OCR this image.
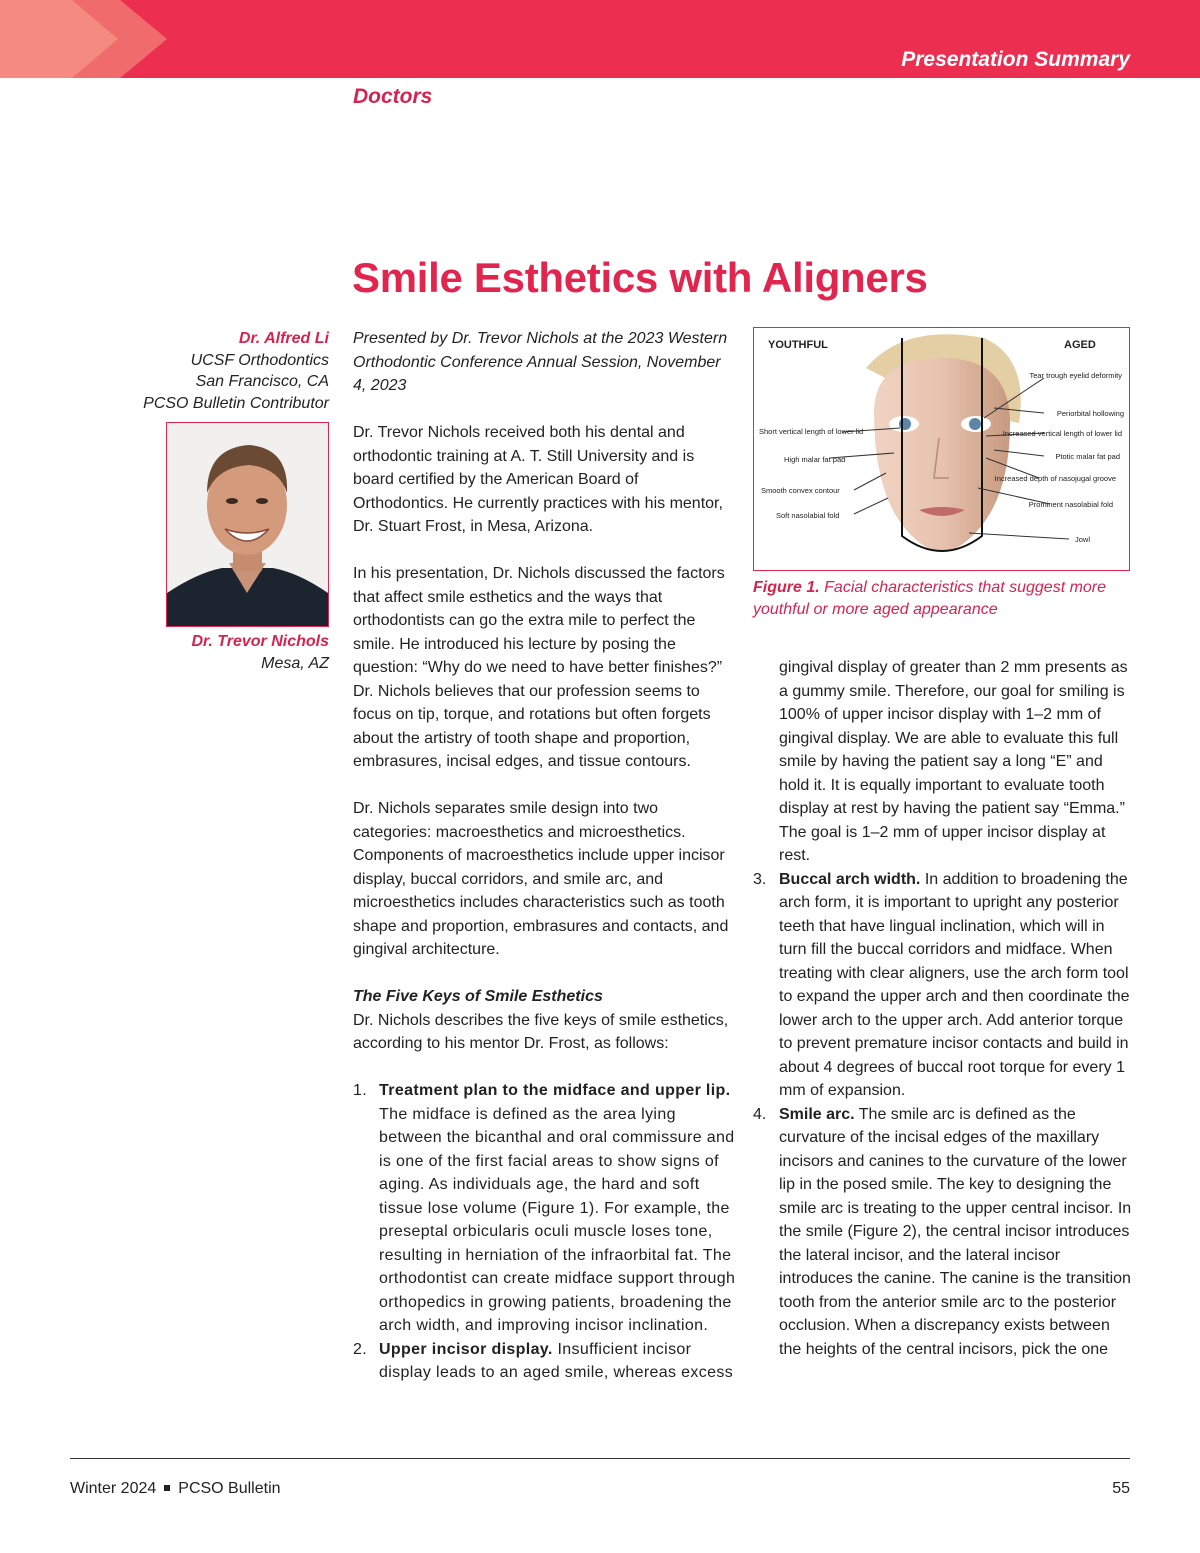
Presentation Summary
Doctors
Smile Esthetics with Aligners
Dr. Alfred Li
UCSF Orthodontics
San Francisco, CA
PCSO Bulletin Contributor
Dr. Trevor Nichols
Mesa, AZ

Presented by Dr. Trevor Nichols at the 2023 Western Orthodontic Conference Annual Session, November 4, 2023

Dr. Trevor Nichols received both his dental and orthodontic training at A. T. Still University and is board certified by the American Board of Orthodontics. He currently practices with his mentor, Dr. Stuart Frost, in Mesa, Arizona.

In his presentation, Dr. Nichols discussed the factors that affect smile esthetics and the ways that orthodontists can go the extra mile to perfect the smile. He introduced his lecture by posing the question: “Why do we need to have better finishes?” Dr. Nichols believes that our profession seems to focus on tip, torque, and rotations but often forgets about the artistry of tooth shape and proportion, embrasures, incisal edges, and tissue contours.

Dr. Nichols separates smile design into two categories: macroesthetics and microesthetics. Components of macroesthetics include upper incisor display, buccal corridors, and smile arc, and microesthetics includes characteristics such as tooth shape and proportion, embrasures and contacts, and gingival architecture.

The Five Keys of Smile Esthetics

Dr. Nichols describes the five keys of smile esthetics, according to his mentor Dr. Frost, as follows:

1. Treatment plan to the midface and upper lip. The midface is defined as the area lying between the bicanthal and oral commissure and is one of the first facial areas to show signs of aging. As individuals age, the hard and soft tissue lose volume (Figure 1). For example, the preseptal orbicularis oculi muscle loses tone, resulting in herniation of the infraorbital fat. The orthodontist can create midface support through orthopedics in growing patients, broadening the arch width, and improving incisor inclination.
2. Upper incisor display. Insufficient incisor display leads to an aged smile, whereas excess
YOUTHFUL	AGED
Short vertical length of lower lid
High malar fat pad
Smooth convex contour
Soft nasolabial fold
Tear trough eyelid deformity
Periorbital hollowing
Increased vertical length of lower lid
Ptotic malar fat pad
Increased depth of nasojugal groove
Prominent nasolabial fold
Jowl
Figure 1. Facial characteristics that suggest more youthful or more aged appearance

gingival display of greater than 2 mm presents as a gummy smile. Therefore, our goal for smiling is 100% of upper incisor display with 1–2 mm of gingival display. We are able to evaluate this full smile by having the patient say a long “E” and hold it. It is equally important to evaluate tooth display at rest by having the patient say “Emma.” The goal is 1–2 mm of upper incisor display at rest.

3. Buccal arch width. In addition to broadening the arch form, it is important to upright any posterior teeth that have lingual inclination, which will in turn fill the buccal corridors and midface. When treating with clear aligners, use the arch form tool to expand the upper arch and then coordinate the lower arch to the upper arch. Add anterior torque to prevent premature incisor contacts and build in about 4 degrees of buccal root torque for every 1 mm of expansion.
4. Smile arc. The smile arc is defined as the curvature of the incisal edges of the maxillary incisors and canines to the curvature of the lower lip in the posed smile. The key to designing the smile arc is treating to the upper central incisor. In the smile (Figure 2), the central incisor introduces the lateral incisor, and the lateral incisor introduces the canine. The canine is the transition tooth from the anterior smile arc to the posterior occlusion. When a discrepancy exists between the heights of the central incisors, pick the one
Winter 2024 PCSO Bulletin	55
